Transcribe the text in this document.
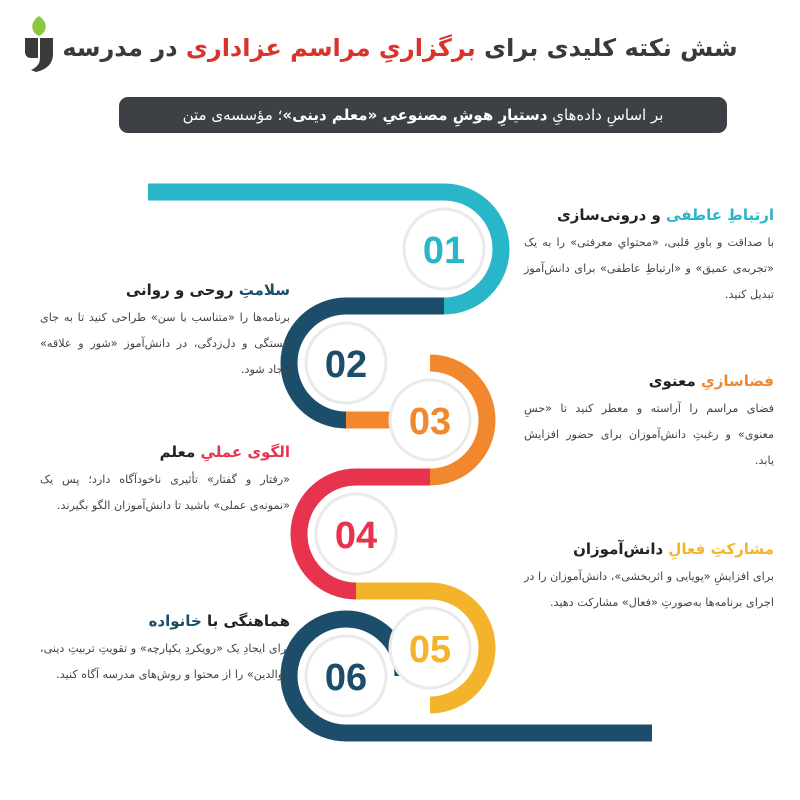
شش نکته کلیدی برای برگزاریِ مراسم عزاداری در مدرسه
بر اساسِ داده‌هایِ دستیارِ هوشِ مصنوعیِ «معلم دینی»؛ مؤسسه‌ی متن
01
02
03
04
05
06
ارتباطِ عاطفی و درونی‌سازی
با صداقت و باورِ قلبی، «محتوایِ معرفتی» را به یک «تجربه‌ی عمیق» و «ارتباطِ عاطفی» برای دانش‌آموز تبدیل کنید.
سلامتِ روحی و روانی
برنامه‌ها را «متناسب با سن» طراحی کنید تا به جای خستگی و دل‌زدگی، در دانش‌آموز «شور و علاقه» ایجاد شود.
فضاسازیِ معنوی
فضای مراسم را آراسته و معطر کنید تا «حسِ معنوی» و رغبتِ دانش‌آموزان برای حضور افزایش یابد.
الگوی عملیِ معلم
«رفتار و گفتار» تأثیری ناخودآگاه دارد؛ پس یک «نمونه‌ی عملی» باشید تا دانش‌آموزان الگو بگیرند.
مشارکتِ فعالِ دانش‌آموزان
برای افزایشِ «پویایی و اثربخشی»، دانش‌آموزان را در اجرای برنامه‌ها به‌صورتِ «فعال» مشارکت دهید.
هماهنگی با خانواده
برای ایجادِ یک «رویکردِ یکپارچه» و تقویتِ تربیتِ دینی، «والدین» را از محتوا و روش‌های مدرسه آگاه کنید.
